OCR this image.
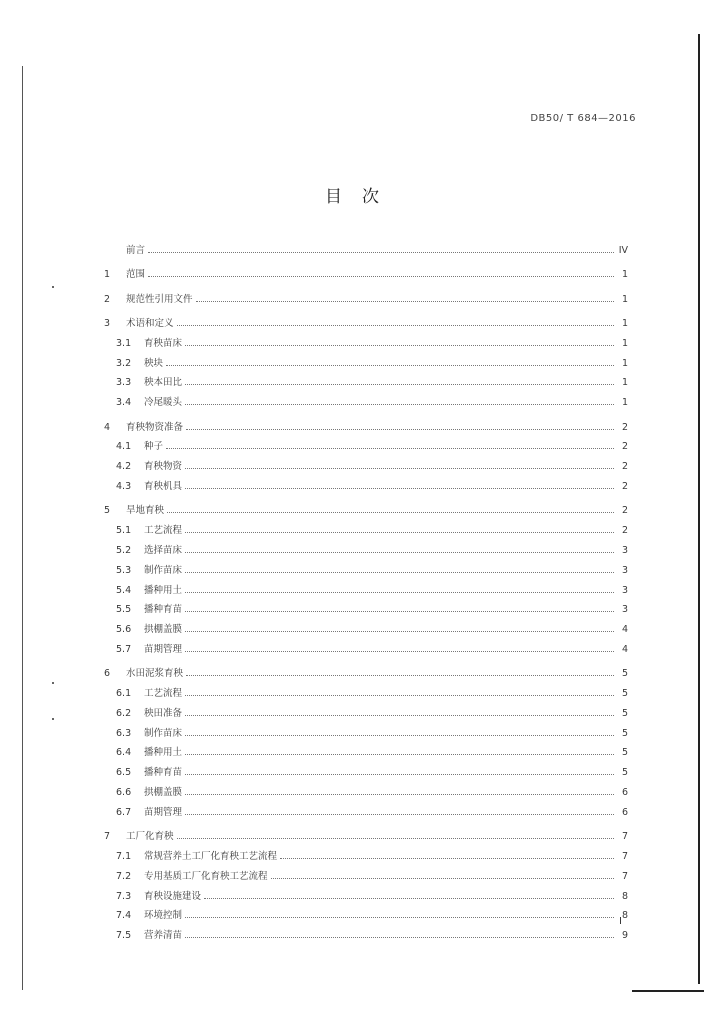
DB50/ T 684—2016
目次
前言	IV
1	范围	1
2	规范性引用文件	1
3	术语和定义	1
3.1	育秧苗床	1
3.2	秧块	1
3.3	秧本田比	1
3.4	冷尾暖头	1
4	育秧物资准备	2
4.1	种子	2
4.2	育秧物资	2
4.3	育秧机具	2
5	旱地育秧	2
5.1	工艺流程	2
5.2	选择苗床	3
5.3	制作苗床	3
5.4	播种用土	3
5.5	播种育苗	3
5.6	拱棚盖膜	4
5.7	苗期管理	4
6	水田泥浆育秧	5
6.1	工艺流程	5
6.2	秧田准备	5
6.3	制作苗床	5
6.4	播种用土	5
6.5	播种育苗	5
6.6	拱棚盖膜	6
6.7	苗期管理	6
7	工厂化育秧	7
7.1	常规营养土工厂化育秧工艺流程	7
7.2	专用基质工厂化育秧工艺流程	7
7.3	育秧设施建设	8
7.4	环境控制	8
7.5	营养清苗	9
I
